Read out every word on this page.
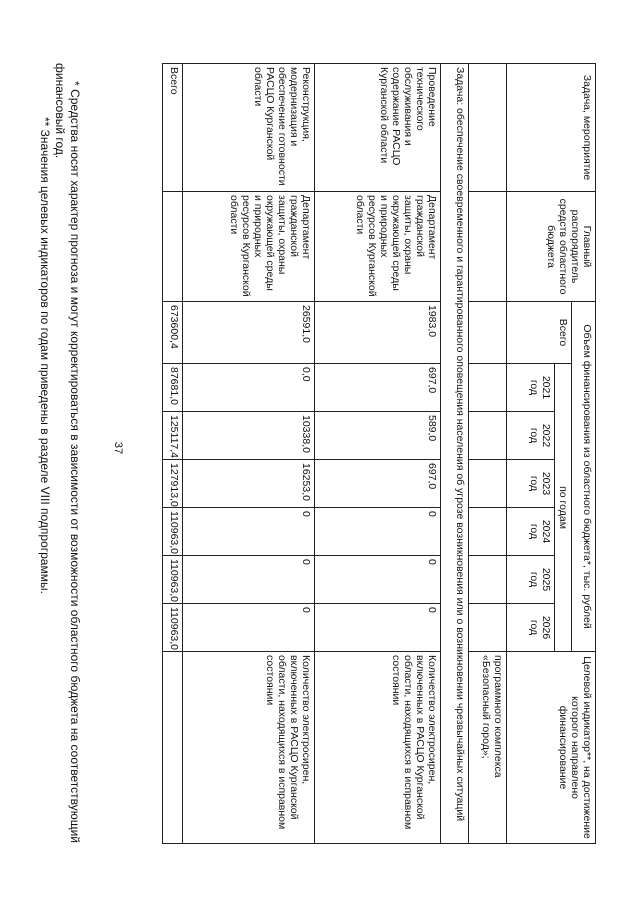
37
Задача, мероприятие	Главный распорядитель средств областного бюджета	Объем финансирования из областного бюджета*, тыс. рублей							Целевой индикатор**, на достижение которого направлено финансирование
		Всего	по годам						
			2021 год	2022 год	2023 год	2024 год	2025 год	2026 год	
									программного комплекса «Безопасный город»;
Задача: обеспечение своевременного и гарантированного оповещения населения об угрозе возникновения или о возникновении чрезвычайных ситуаций									
Проведение технического обслуживания и содержание РАСЦО Курганской области	Департамент гражданской защиты, охраны окружающей среды и природных ресурсов Курганской области	1983,0	697,0	589,0	697,0	0	0	0	Количество электросирен, включенных в РАСЦО Курганской области, находящихся в исправном состоянии
Реконструкция, модернизация и обеспечение готовности РАСЦО Курганской области	Департамент гражданской защиты, охраны окружающей среды и природных ресурсов Курганской области	26591,0	0,0	10338,0	16253,0	0	0	0	Количество электросирен, включенных в РАСЦО Курганской области, находящихся в исправном состоянии
Всего		673600,4	87681,0	125117,4	127913,0	110963,0	110963,0	110963,0	

* Средства носят характер прогноза и могут корректироваться в зависимости от возможности областного бюджета на соответствующий финансовый год.

** Значения целевых индикаторов по годам приведены в разделе VIII подпрограммы.
